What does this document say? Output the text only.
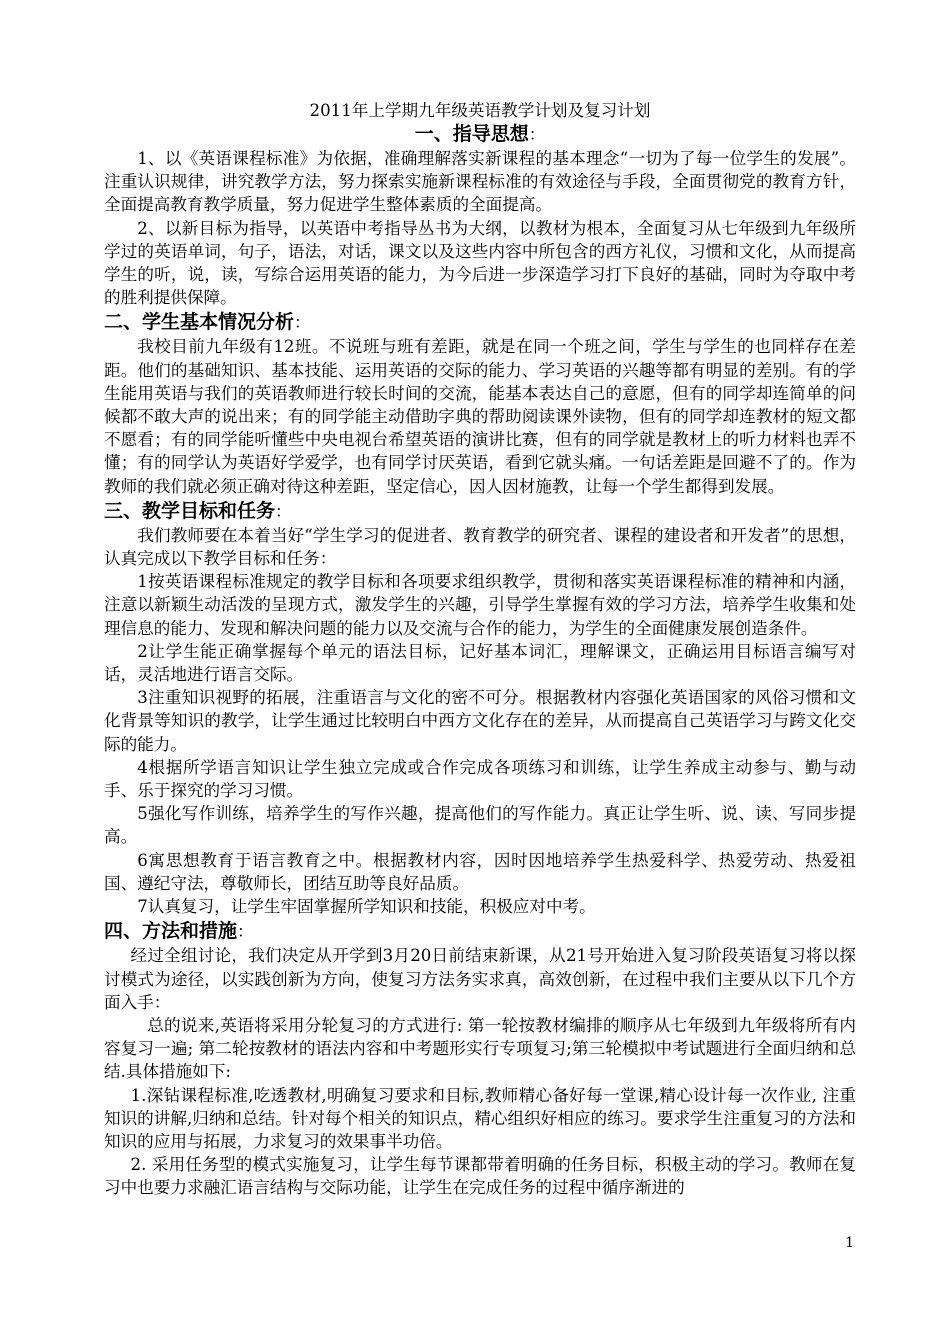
2011年上学期九年级英语教学计划及复习计划

一、指导思想：

1、以《英语课程标准》为依据，准确理解落实新课程的基本理念“一切为了每一位学生的发展”。注重认识规律，讲究教学方法，努力探索实施新课程标准的有效途径与手段，全面贯彻党的教育方针，全面提高教育教学质量，努力促进学生整体素质的全面提高。

2、以新目标为指导，以英语中考指导丛书为大纲，以教材为根本，全面复习从七年级到九年级所学过的英语单词，句子，语法，对话，课文以及这些内容中所包含的西方礼仪，习惯和文化，从而提高学生的听，说，读，写综合运用英语的能力，为今后进一步深造学习打下良好的基础，同时为夺取中考的胜利提供保障。

二、学生基本情况分析：

我校目前九年级有12班。不说班与班有差距，就是在同一个班之间，学生与学生的也同样存在差距。他们的基础知识、基本技能、运用英语的交际的能力、学习英语的兴趣等都有明显的差别。有的学生能用英语与我们的英语教师进行较长时间的交流，能基本表达自己的意愿，但有的同学却连简单的问候都不敢大声的说出来；有的同学能主动借助字典的帮助阅读课外读物，但有的同学却连教材的短文都不愿看；有的同学能听懂些中央电视台希望英语的演讲比赛，但有的同学就是教材上的听力材料也弄不懂；有的同学认为英语好学爱学，也有同学讨厌英语，看到它就头痛。一句话差距是回避不了的。作为教师的我们就必须正确对待这种差距，坚定信心，因人因材施教，让每一个学生都得到发展。

三、教学目标和任务：

我们教师要在本着当好“学生学习的促进者、教育教学的研究者、课程的建设者和开发者”的思想，认真完成以下教学目标和任务：

1按英语课程标准规定的教学目标和各项要求组织教学，贯彻和落实英语课程标准的精神和内涵，注意以新颖生动活泼的呈现方式，激发学生的兴趣，引导学生掌握有效的学习方法，培养学生收集和处理信息的能力、发现和解决问题的能力以及交流与合作的能力，为学生的全面健康发展创造条件。

2让学生能正确掌握每个单元的语法目标，记好基本词汇，理解课文，正确运用目标语言编写对话，灵活地进行语言交际。

3注重知识视野的拓展，注重语言与文化的密不可分。根据教材内容强化英语国家的风俗习惯和文化背景等知识的教学，让学生通过比较明白中西方文化存在的差异，从而提高自己英语学习与跨文化交际的能力。

4根据所学语言知识让学生独立完成或合作完成各项练习和训练，让学生养成主动参与、勤与动手、乐于探究的学习习惯。

5强化写作训练，培养学生的写作兴趣，提高他们的写作能力。真正让学生听、说、读、写同步提高。

6寓思想教育于语言教育之中。根据教材内容，因时因地培养学生热爱科学、热爱劳动、热爱祖国、遵纪守法，尊敬师长，团结互助等良好品质。

7认真复习，让学生牢固掌握所学知识和技能，积极应对中考。

四、方法和措施：

经过全组讨论，我们决定从开学到3月20日前结束新课，从21号开始进入复习阶段英语复习将以探讨模式为途径，以实践创新为方向，使复习方法务实求真，高效创新，在过程中我们主要从以下几个方面入手：

总的说来,英语将采用分轮复习的方式进行: 第一轮按教材编排的顺序从七年级到九年级将所有内容复习一遍; 第二轮按教材的语法内容和中考题形实行专项复习;第三轮模拟中考试题进行全面归纳和总结.具体措施如下:

1.深钻课程标准,吃透教材,明确复习要求和目标,教师精心备好每一堂课,精心设计每一次作业, 注重知识的讲解,归纳和总结。针对每个相关的知识点，精心组织好相应的练习。要求学生注重复习的方法和知识的应用与拓展，力求复习的效果事半功倍。

2. 采用任务型的模式实施复习，让学生每节课都带着明确的任务目标，积极主动的学习。教师在复习中也要力求融汇语言结构与交际功能，让学生在完成任务的过程中循序渐进的

1
